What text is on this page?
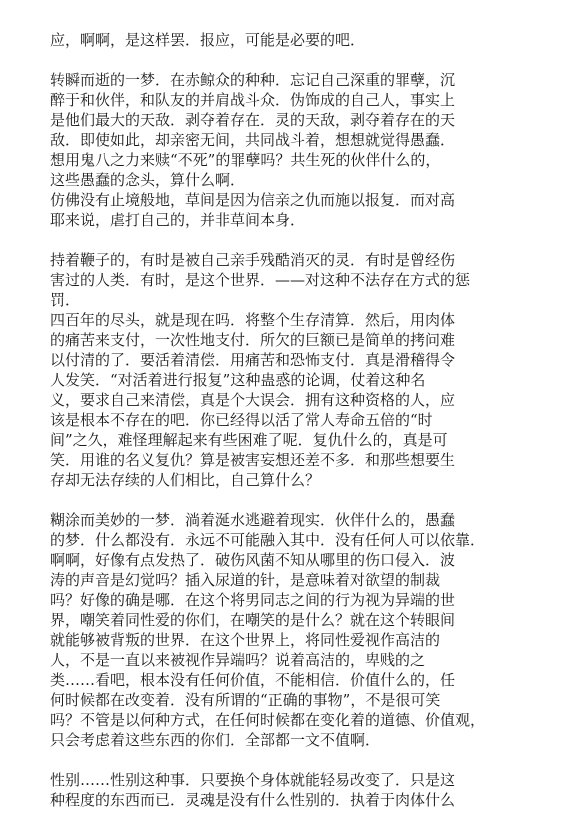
应，啊啊，是这样罢．报应，可能是必要的吧．
转瞬而逝的一梦．在赤鲸众的种种．忘记自己深重的罪孽，沉
醉于和伙伴，和队友的并肩战斗众．伪饰成的自己人，事实上
是他们最大的天敌．剥夺着存在．灵的天敌，剥夺着存在的天
敌．即使如此，却亲密无间，共同战斗着，想想就觉得愚蠢．
想用鬼八之力来赎“不死”的罪孽吗？共生死的伙伴什么的，
这些愚蠢的念头，算什么啊．
仿佛没有止境般地，草间是因为信亲之仇而施以报复．而对高
耶来说，虐打自己的，并非草间本身．
持着鞭子的，有时是被自己亲手残酷消灭的灵．有时是曾经伤
害过的人类．有时，是这个世界．——对这种不法存在方式的惩
罚．
四百年的尽头，就是现在吗．将整个生存清算．然后，用肉体
的痛苦来支付，一次性地支付．所欠的巨额已是简单的拷问难
以付清的了．要活着清偿．用痛苦和恐怖支付．真是滑稽得令
人发笑．“对活着进行报复”这种蛊惑的论调，仗着这种名
义，要求自己来清偿，真是个大误会．拥有这种资格的人，应
该是根本不存在的吧．你已经得以活了常人寿命五倍的“时
间”之久，难怪理解起来有些困难了呢．复仇什么的，真是可
笑．用谁的名义复仇？算是被害妄想还差不多．和那些想要生
存却无法存续的人们相比，自己算什么？
糊涂而美妙的一梦．淌着涎水逃避着现实．伙伴什么的，愚蠢
的梦．什么都没有．永远不可能融入其中．没有任何人可以依靠．
啊啊，好像有点发热了．破伤风菌不知从哪里的伤口侵入．波
涛的声音是幻觉吗？插入尿道的针，是意味着对欲望的制裁
吗？好像的确是哪．在这个将男同志之间的行为视为异端的世
界，嘲笑着同性爱的你们，在嘲笑的是什么？就在这个转眼间
就能够被背叛的世界．在这个世界上，将同性爱视作高洁的
人，不是一直以来被视作异端吗？说着高洁的，卑贱的之
类……看吧，根本没有任何价值，不能相信．价值什么的，任
何时候都在改变着．没有所谓的“正确的事物”，不是很可笑
吗？不管是以何种方式，在任何时候都在变化着的道德、价值观，
只会考虑着这些东西的你们．全部都一文不值啊．
性别……性别这种事．只要换个身体就能轻易改变了．只是这
种程度的东西而已．灵魂是没有什么性别的．执着于肉体什么
